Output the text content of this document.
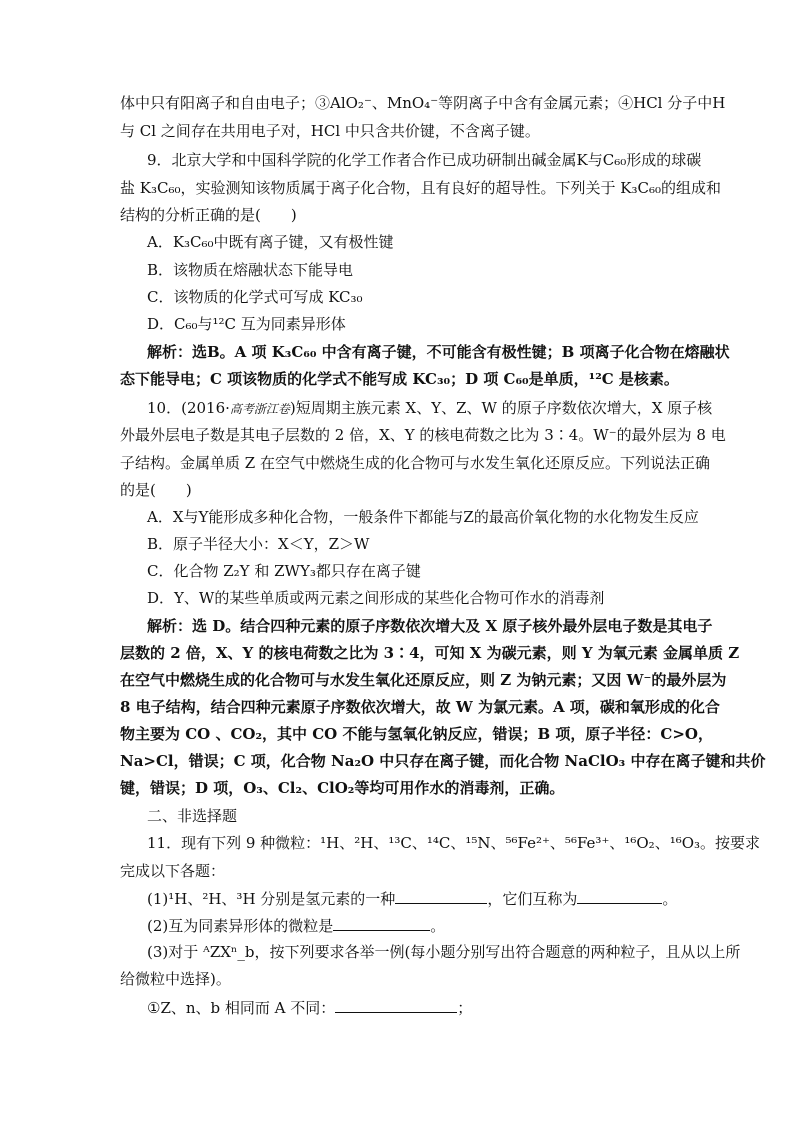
体中只有阳离子和自由电子；③AlO₂⁻、MnO₄⁻等阴离子中含有金属元素；④HCl 分子中H
与 Cl 之间存在共用电子对，HCl 中只含共价键，不含离子键。
9．北京大学和中国科学院的化学工作者合作已成功研制出碱金属K与C₆₀形成的球碳
盐 K₃C₆₀，实验测知该物质属于离子化合物，且有良好的超导性。下列关于 K₃C₆₀的组成和
结构的分析正确的是(　　)
A．K₃C₆₀中既有离子键，又有极性键
B．该物质在熔融状态下能导电
C．该物质的化学式可写成 KC₃₀
D．C₆₀与¹²C 互为同素异形体
解析：选B。A 项 K₃C₆₀ 中含有离子键，不可能含有极性键；B 项离子化合物在熔融状
态下能导电；C 项该物质的化学式不能写成 KC₃₀；D 项 C₆₀是单质，¹²C 是核素。
10．(2016·高考浙江卷)短周期主族元素 X、Y、Z、W 的原子序数依次增大，X 原子核
外最外层电子数是其电子层数的 2 倍，X、Y 的核电荷数之比为 3∶4。W⁻的最外层为 8 电
子结构。金属单质 Z 在空气中燃烧生成的化合物可与水发生氧化还原反应。下列说法正确
的是(　　)
A．X与Y能形成多种化合物，一般条件下都能与Z的最高价氧化物的水化物发生反应
B．原子半径大小：X＜Y，Z＞W
C．化合物 Z₂Y 和 ZWY₃都只存在离子键
D．Y、W的某些单质或两元素之间形成的某些化合物可作水的消毒剂
解析：选 D。结合四种元素的原子序数依次增大及 X 原子核外最外层电子数是其电子
层数的 2 倍，X、Y 的核电荷数之比为 3∶4，可知 X 为碳元素，则 Y 为氧元素 金属单质 Z
在空气中燃烧生成的化合物可与水发生氧化还原反应，则 Z 为钠元素；又因 W⁻的最外层为
8 电子结构，结合四种元素原子序数依次增大，故 W 为氯元素。A 项，碳和氧形成的化合
物主要为 CO 、CO₂，其中 CO 不能与氢氧化钠反应，错误；B 项，原子半径：C>O，
Na>Cl，错误；C 项，化合物 Na₂O 中只存在离子键，而化合物 NaClO₃ 中存在离子键和共价
键，错误；D 项，O₃、Cl₂、ClO₂等均可用作水的消毒剂，正确。
二、非选择题
11．现有下列 9 种微粒：¹H、²H、¹³C、¹⁴C、¹⁵N、⁵⁶Fe²⁺、⁵⁶Fe³⁺、¹⁶O₂、¹⁶O₃。按要求
完成以下各题：
(1)¹H、²H、³H 分别是氢元素的一种	，它们互称为	。
(2)互为同素异形体的微粒是	。
(3)对于 ᴬZXⁿ_b，按下列要求各举一例(每小题分别写出符合题意的两种粒子，且从以上所
给微粒中选择)。
①Z、n、b 相同而 A 不同：	；
